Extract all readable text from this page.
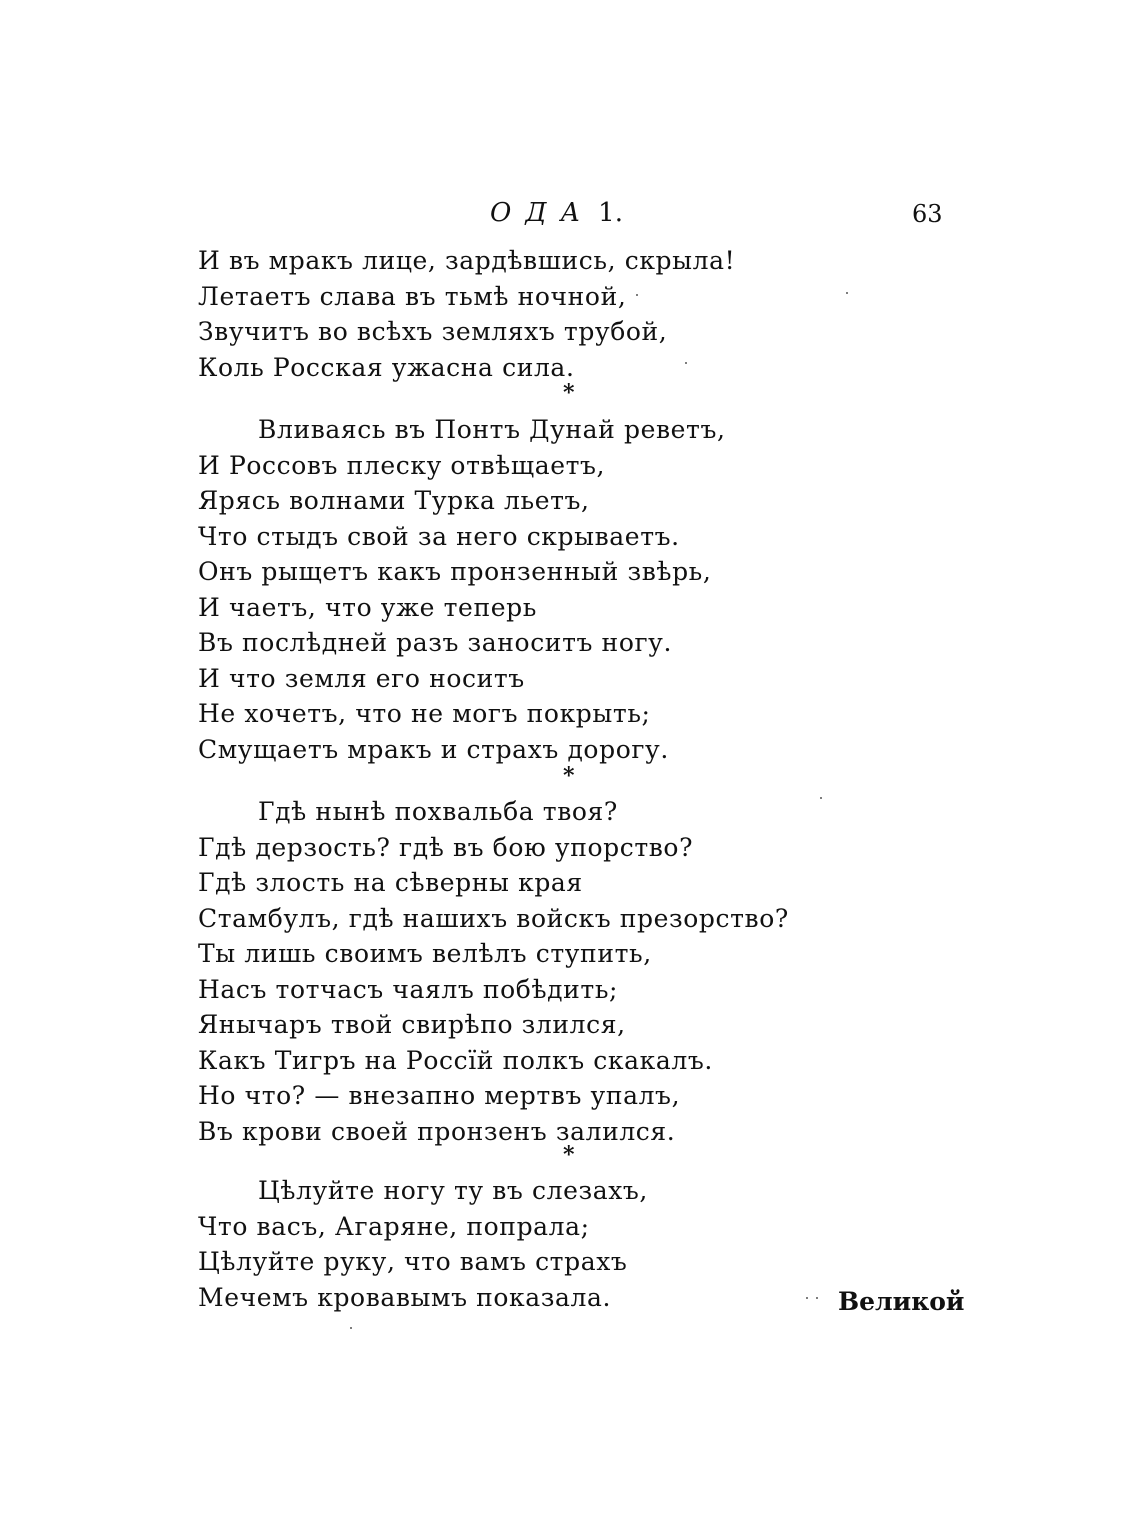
ОДА 1.	63
И въ мракъ лице, зардѣвшись, скрыла!
Летаетъ слава въ тьмѣ ночной,
Звучитъ во всѣхъ земляхъ трубой,
Коль Росская ужасна сила.
*
Вливаясь въ Понтъ Дунай реветъ,
И Россовъ плеску отвѣщаетъ,
Ярясь волнами Турка льетъ,
Что стыдъ свой за него скрываетъ.
Онъ рыщетъ какъ пронзенный звѣрь,
И чаетъ, что уже теперь
Въ послѣдней разъ заноситъ ногу.
И что земля его носитъ
Не хочетъ, что не могъ покрыть;
Смущаетъ мракъ и страхъ дорогу.
*
Гдѣ нынѣ похвальба твоя?
Гдѣ дерзость? гдѣ въ бою упорство?
Гдѣ злость на сѣверны края
Стамбулъ, гдѣ нашихъ войскъ презорство?
Ты лишь своимъ велѣлъ ступить,
Насъ тотчасъ чаялъ побѣдить;
Янычаръ твой свирѣпо злился,
Какъ Тигръ на Россїй полкъ скакалъ.
Но что? — внезапно мертвъ упалъ,
Въ крови своей пронзенъ залился.
*
Цѣлуйте ногу ту въ слезахъ,
Что васъ, Агаряне, попрала;
Цѣлуйте руку, что вамъ страхъ
Мечемъ кровавымъ показала.	Великой
